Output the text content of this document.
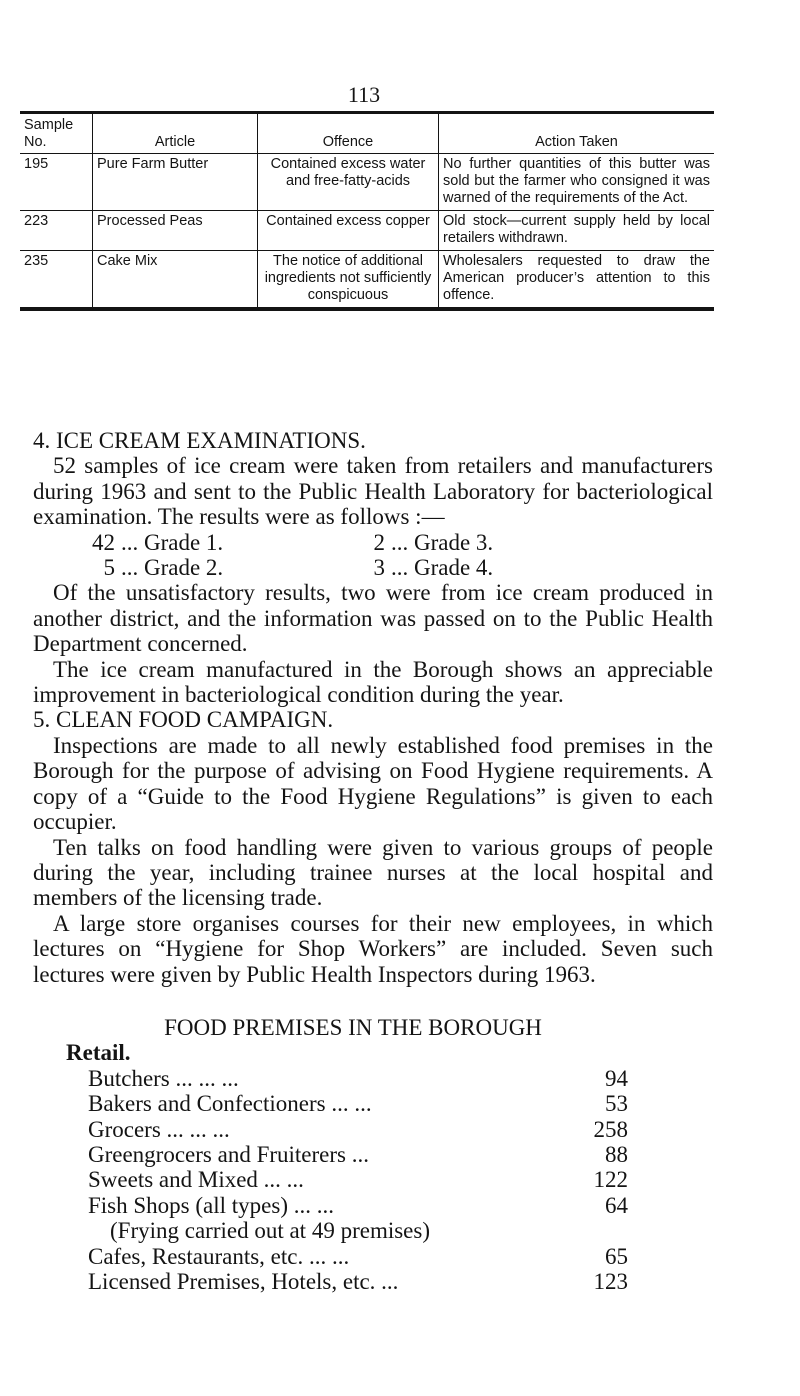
113
Sample No.	Article	Offence	Action Taken
195	Pure Farm Butter	Contained excess water and free-fatty-acids	No further quantities of this butter was sold but the farmer who consigned it was warned of the requirements of the Act.
223	Processed Peas	Contained excess copper	Old stock—current supply held by local retailers withdrawn.
235	Cake Mix	The notice of additional ingredients not sufficiently conspicuous	Wholesalers requested to draw the American producer’s attention to this offence.
4. ICE CREAM EXAMINATIONS.

52 samples of ice cream were taken from retailers and manufacturers during 1963 and sent to the Public Health Laboratory for bacteriological examination. The results were as follows :—

42 ... Grade 1.	2 ... Grade 3.
5 ... Grade 2.	3 ... Grade 4.

Of the unsatisfactory results, two were from ice cream produced in another district, and the information was passed on to the Public Health Department concerned.

The ice cream manufactured in the Borough shows an appreciable improvement in bacteriological condition during the year.

5. CLEAN FOOD CAMPAIGN.

Inspections are made to all newly established food premises in the Borough for the purpose of advising on Food Hygiene requirements. A copy of a “Guide to the Food Hygiene Regulations” is given to each occupier.

Ten talks on food handling were given to various groups of people during the year, including trainee nurses at the local hospital and members of the licensing trade.

A large store organises courses for their new employees, in which lectures on “Hygiene for Shop Workers” are included. Seven such lectures were given by Public Health Inspectors during 1963.

FOOD PREMISES IN THE BOROUGH
Retail.
Butchers ... ... ...	94
Bakers and Confectioners ... ...	53
Grocers ... ... ...	258
Greengrocers and Fruiterers ...	88
Sweets and Mixed ... ...	122
Fish Shops (all types) ... ...	64
(Frying carried out at 49 premises)
Cafes, Restaurants, etc. ... ...	65
Licensed Premises, Hotels, etc. ...	123
